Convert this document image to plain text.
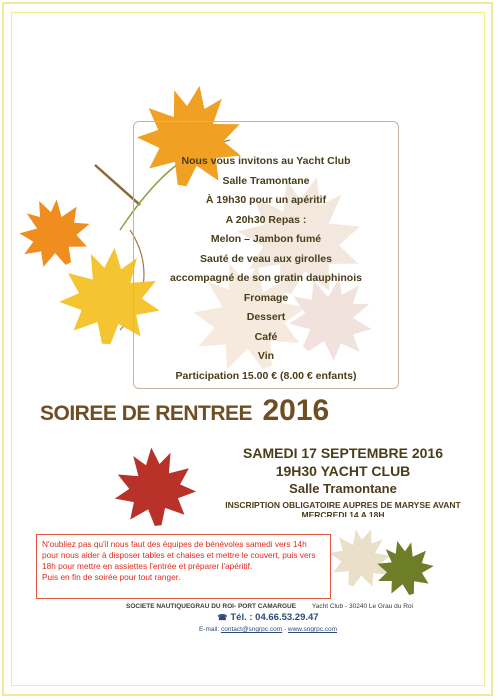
Nous vous invitons au Yacht Club
Salle Tramontane
À 19h30 pour un apéritif
A 20h30 Repas :
Melon – Jambon fumé
Sauté de veau aux girolles
accompagné de son gratin dauphinois
Fromage
Dessert
Café
Vin
Participation 15.00 € (8.00 € enfants)
SOIREE DE RENTREE 2016
SAMEDI 17 SEPTEMBRE 2016
19H30 YACHT CLUB
Salle Tramontane
INSCRIPTION OBLIGATOIRE AUPRES DE MARYSE AVANT
MERCREDI 14 A 18H
N'oubliez pas qu'il nous faut des équipes de bénévoles samedi vers 14h pour nous aider à disposer tables et chaises et mettre le couvert, puis vers 18h pour mettre en assiettes l'entrée et préparer l'apéritif.
Puis en fin de soirée pour tout ranger.
SOCIETE NAUTIQUEGRAU DU ROI- PORT CAMARGUE Yacht Club - 30240 Le Grau du Roi
☎ Tél. : 04.66.53.29.47
E-mail: contact@sngrpc.com - www.sngrpc.com
